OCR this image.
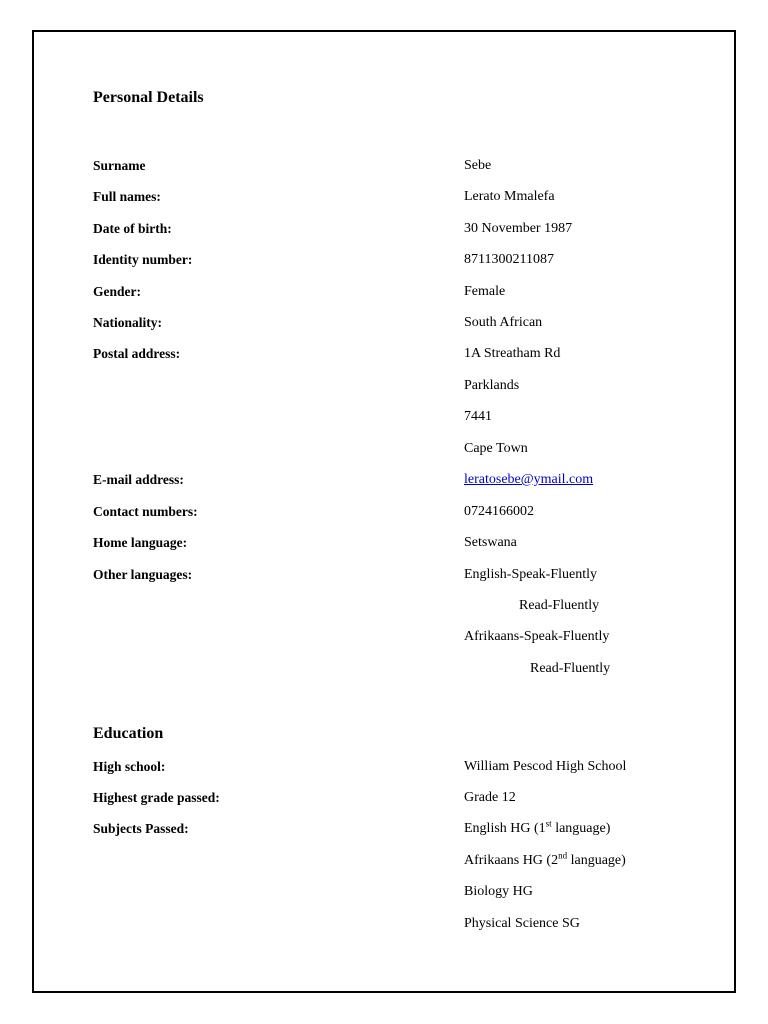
Personal Details
Surname	Sebe
Full names:	Lerato Mmalefa
Date of birth:	30 November 1987
Identity number:	8711300211087
Gender:	Female
Nationality:	South African
Postal address:	1A Streatham Rd
Parklands
7441
Cape Town
E-mail address:	leratosebe@ymail.com
Contact numbers:	0724166002
Home language:	Setswana
Other languages:	English-Speak-Fluently
Read-Fluently
Afrikaans-Speak-Fluently
Read-Fluently
Education
High school:	William Pescod High School
Highest grade passed:	Grade 12
Subjects Passed:	English HG (1st language)
Afrikaans HG (2nd language)
Biology HG
Physical Science SG
